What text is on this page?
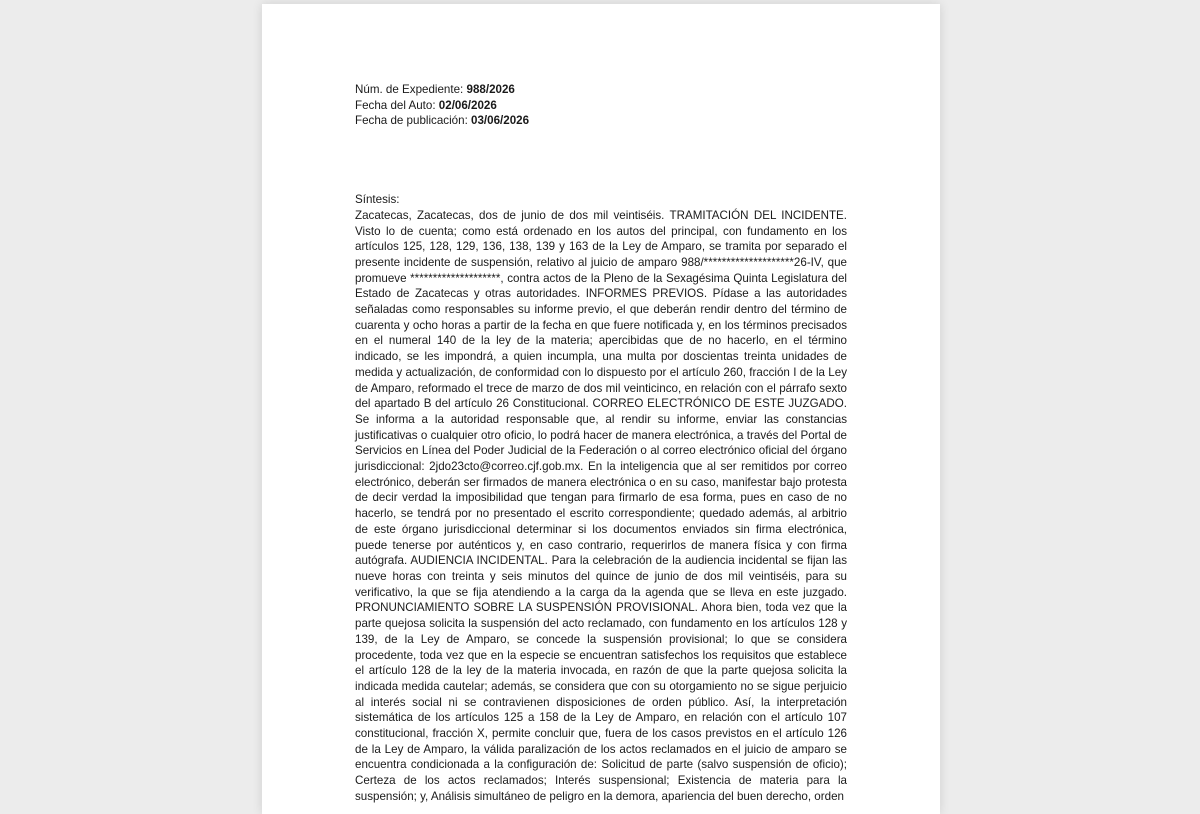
Núm. de Expediente: 988/2026
Fecha del Auto: 02/06/2026
Fecha de publicación: 03/06/2026
Síntesis:
Zacatecas, Zacatecas, dos de junio de dos mil veintiséis. TRAMITACIÓN DEL INCIDENTE. Visto lo de cuenta; como está ordenado en los autos del principal, con fundamento en los artículos 125, 128, 129, 136, 138, 139 y 163 de la Ley de Amparo, se tramita por separado el presente incidente de suspensión, relativo al juicio de amparo 988/********************26-IV, que promueve ********************, contra actos de la Pleno de la Sexagésima Quinta Legislatura del Estado de Zacatecas y otras autoridades. INFORMES PREVIOS. Pídase a las autoridades señaladas como responsables su informe previo, el que deberán rendir dentro del término de cuarenta y ocho horas a partir de la fecha en que fuere notificada y, en los términos precisados en el numeral 140 de la ley de la materia; apercibidas que de no hacerlo, en el término indicado, se les impondrá, a quien incumpla, una multa por doscientas treinta unidades de medida y actualización, de conformidad con lo dispuesto por el artículo 260, fracción I de la Ley de Amparo, reformado el trece de marzo de dos mil veinticinco, en relación con el párrafo sexto del apartado B del artículo 26 Constitucional. CORREO ELECTRÓNICO DE ESTE JUZGADO. Se informa a la autoridad responsable que, al rendir su informe, enviar las constancias justificativas o cualquier otro oficio, lo podrá hacer de manera electrónica, a través del Portal de Servicios en Línea del Poder Judicial de la Federación o al correo electrónico oficial del órgano jurisdiccional: 2jdo23cto@correo.cjf.gob.mx. En la inteligencia que al ser remitidos por correo electrónico, deberán ser firmados de manera electrónica o en su caso, manifestar bajo protesta de decir verdad la imposibilidad que tengan para firmarlo de esa forma, pues en caso de no hacerlo, se tendrá por no presentado el escrito correspondiente; quedado además, al arbitrio de este órgano jurisdiccional determinar si los documentos enviados sin firma electrónica, puede tenerse por auténticos y, en caso contrario, requerirlos de manera física y con firma autógrafa. AUDIENCIA INCIDENTAL. Para la celebración de la audiencia incidental se fijan las nueve horas con treinta y seis minutos del quince de junio de dos mil veintiséis, para su verificativo, la que se fija atendiendo a la carga da la agenda que se lleva en este juzgado. PRONUNCIAMIENTO SOBRE LA SUSPENSIÓN PROVISIONAL. Ahora bien, toda vez que la parte quejosa solicita la suspensión del acto reclamado, con fundamento en los artículos 128 y 139, de la Ley de Amparo, se concede la suspensión provisional; lo que se considera procedente, toda vez que en la especie se encuentran satisfechos los requisitos que establece el artículo 128 de la ley de la materia invocada, en razón de que la parte quejosa solicita la indicada medida cautelar; además, se considera que con su otorgamiento no se sigue perjuicio al interés social ni se contravienen disposiciones de orden público. Así, la interpretación sistemática de los artículos 125 a 158 de la Ley de Amparo, en relación con el artículo 107 constitucional, fracción X, permite concluir que, fuera de los casos previstos en el artículo 126 de la Ley de Amparo, la válida paralización de los actos reclamados en el juicio de amparo se encuentra condicionada a la configuración de: Solicitud de parte (salvo suspensión de oficio); Certeza de los actos reclamados; Interés suspensional; Existencia de materia para la suspensión; y, Análisis simultáneo de peligro en la demora, apariencia del buen derecho, orden
